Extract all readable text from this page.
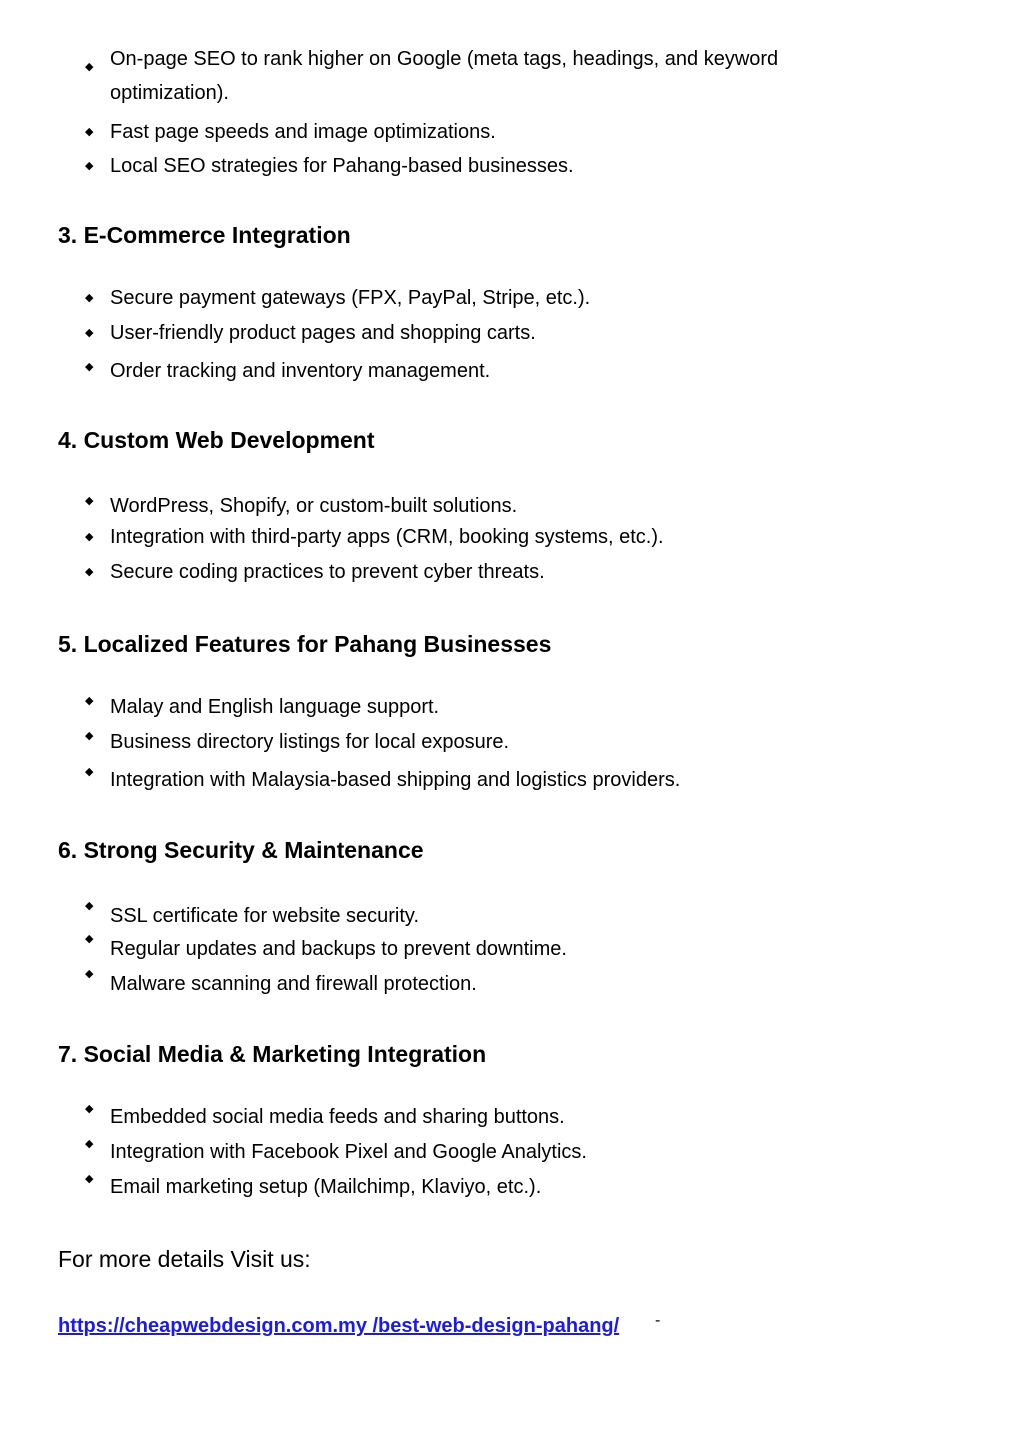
◆ On-page SEO to rank higher on Google (meta tags, headings, and keyword optimization).
◆ Fast page speeds and image optimizations.
◆ Local SEO strategies for Pahang-based businesses.
3. E-Commerce Integration
◆ Secure payment gateways (FPX, PayPal, Stripe, etc.).
◆ User-friendly product pages and shopping carts.
◆ Order tracking and inventory management.
4. Custom Web Development
◆ WordPress, Shopify, or custom-built solutions.
◆ Integration with third-party apps (CRM, booking systems, etc.).
◆ Secure coding practices to prevent cyber threats.
5. Localized Features for Pahang Businesses
◆ Malay and English language support.
◆ Business directory listings for local exposure.
◆ Integration with Malaysia-based shipping and logistics providers.
6. Strong Security & Maintenance
◆ SSL certificate for website security.
◆ Regular updates and backups to prevent downtime.
◆ Malware scanning and firewall protection.
7. Social Media & Marketing Integration
◆ Embedded social media feeds and sharing buttons.
◆ Integration with Facebook Pixel and Google Analytics.
◆ Email marketing setup (Mailchimp, Klaviyo, etc.).
For more details Visit us:
https://cheapwebdesign.com.my /best-web-design-pahang/ -
